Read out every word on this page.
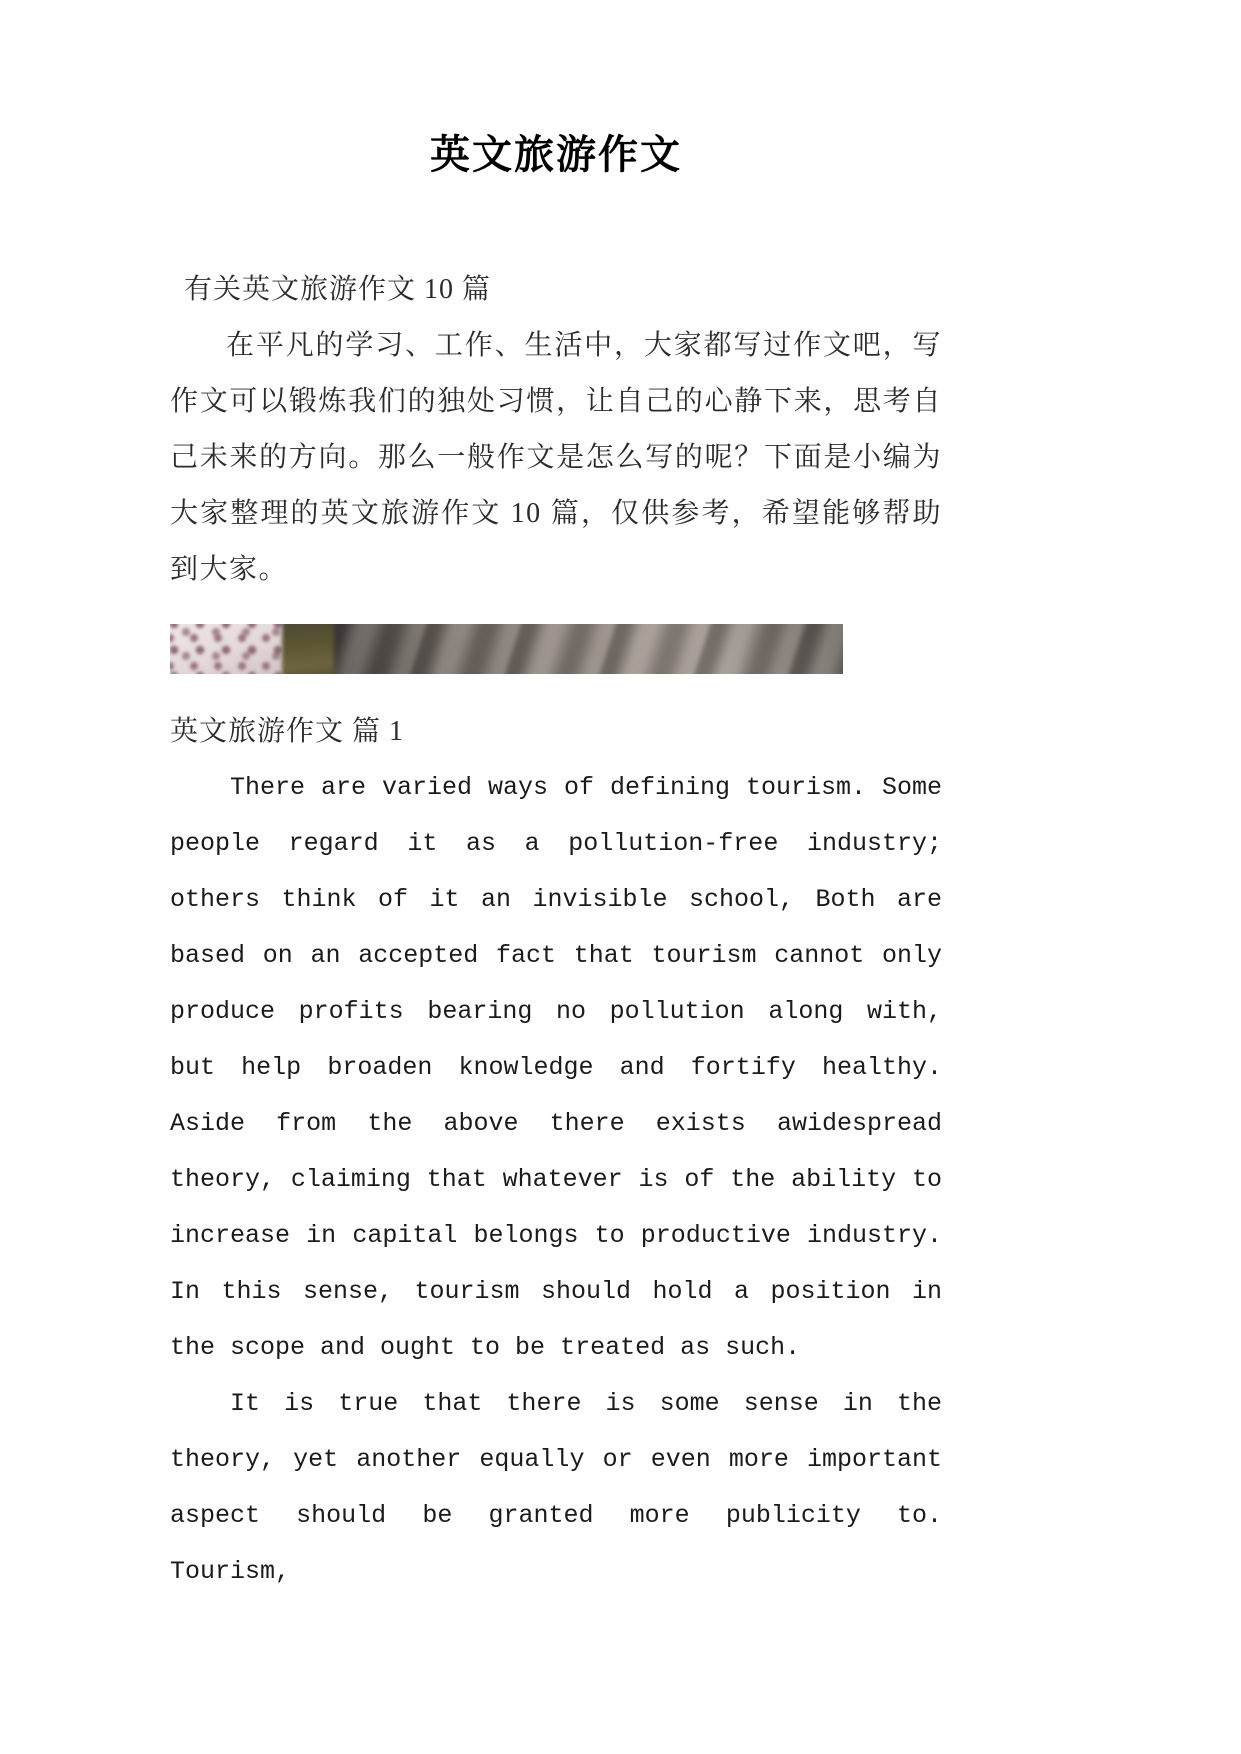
英文旅游作文

有关英文旅游作文 10 篇

在平凡的学习、工作、生活中，大家都写过作文吧，写作文可以锻炼我们的独处习惯，让自己的心静下来，思考自己未来的方向。那么一般作文是怎么写的呢？下面是小编为大家整理的英文旅游作文 10 篇，仅供参考，希望能够帮助到大家。

英文旅游作文 篇 1

There are varied ways of defining tourism. Some people regard it as a pollution-free industry; others think of it an invisible school, Both are based on an accepted fact that tourism cannot only produce profits bearing no pollution along with, but help broaden knowledge and fortify healthy. Aside from the above there exists awidespread theory, claiming that whatever is of the ability to increase in capital belongs to productive industry. In this sense, tourism should hold a position in the scope and ought to be treated as such.

It is true that there is some sense in the theory, yet another equally or even more important aspect should be granted more publicity to. Tourism,
